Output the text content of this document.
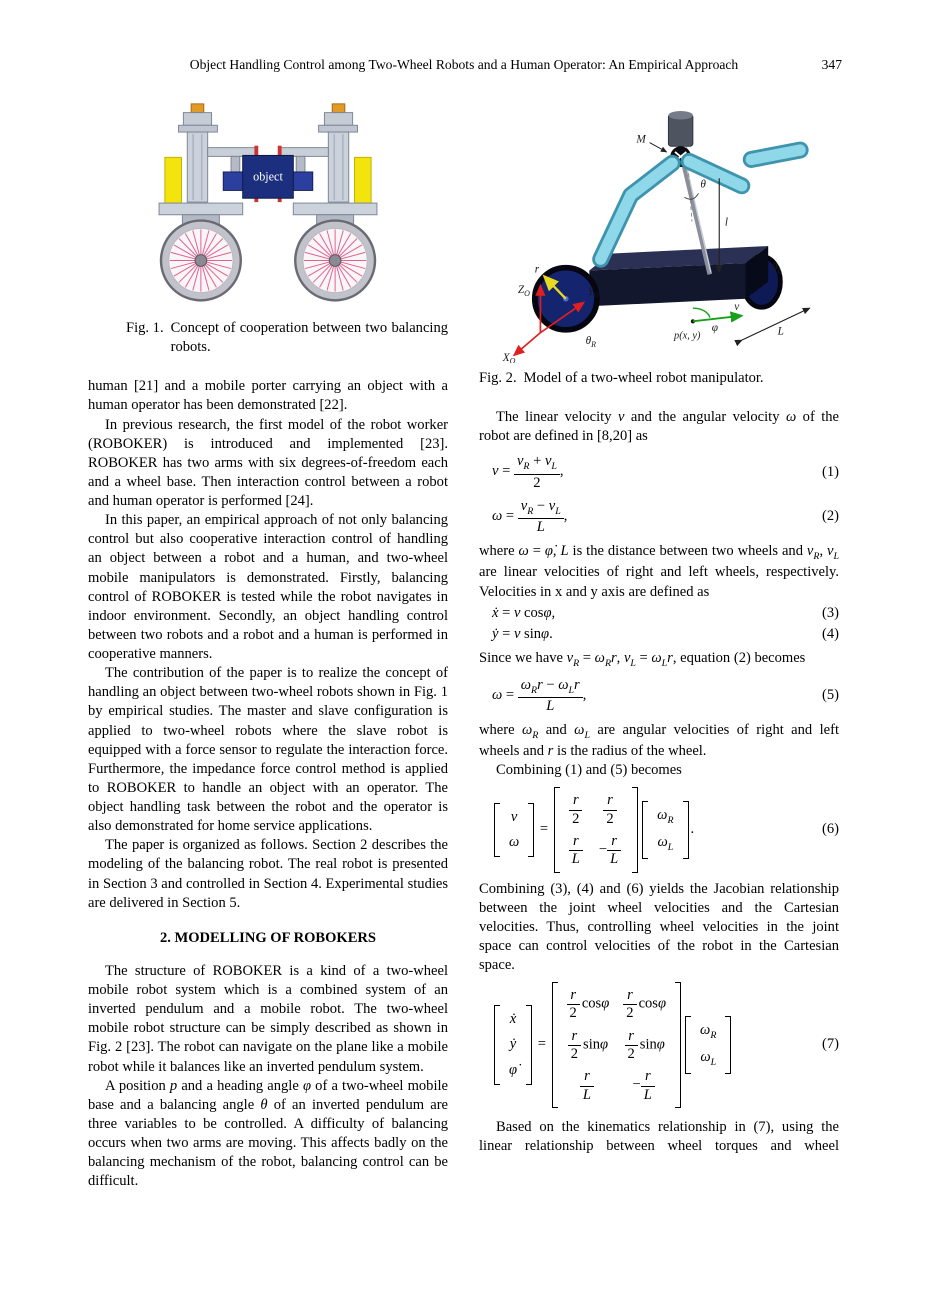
Object Handling Control among Two-Wheel Robots and a Human Operator: An Empirical Approach	347
object
Fig. 1. Concept of cooperation between two balancing robots.

human [21] and a mobile porter carrying an object with a human operator has been demonstrated [22].

In previous research, the first model of the robot worker (ROBOKER) is introduced and implemented [23]. ROBOKER has two arms with six degrees-of-freedom each and a wheel base. Then interaction control between a robot and human operator is performed [24].

In this paper, an empirical approach of not only balancing control but also cooperative interaction control of handling an object between a robot and a human, and two-wheel mobile manipulators is demonstrated. Firstly, balancing control of ROBOKER is tested while the robot navigates in indoor environment. Secondly, an object handling control between two robots and a robot and a human is performed in cooperative manners.

The contribution of the paper is to realize the concept of handling an object between two-wheel robots shown in Fig. 1 by empirical studies. The master and slave configuration is applied to two-wheel robots where the slave robot is equipped with a force sensor to regulate the interaction force. Furthermore, the impedance force control method is applied to ROBOKER to handle an object with an operator. The object handling task between the robot and the operator is also demonstrated for home service applications.

The paper is organized as follows. Section 2 describes the modeling of the balancing robot. The real robot is presented in Section 3 and controlled in Section 4. Experimental studies are delivered in Section 5.

2. MODELLING OF ROBOKERS

The structure of ROBOKER is a kind of a two-wheel mobile robot system which is a combined system of an inverted pendulum and a mobile robot. The two-wheel mobile robot structure can be simply described as shown in Fig. 2 [23]. The robot can navigate on the plane like a mobile robot while it balances like an inverted pendulum system.

A position p and a heading angle φ of a two-wheel mobile base and a balancing angle θ of an inverted pendulum are three variables to be controlled. A difficulty of balancing occurs when two arms are moving. This affects badly on the balancing mechanism of the robot, balancing control can be difficult.

M
θ
l
r
v
φ
p(x, y)	L
$Z_O$	$Y_0$
$X_O$
$\theta_R$
$\theta_L$
Fig. 2. Model of a two-wheel robot manipulator.

The linear velocity v and the angular velocity ω of the robot are defined in [8,20] as

$v = \frac{v_R + v_L}{2}$ ,	(1)
$\omega = \frac{v_R - v_L}{L}$ ,	(2)

where ω = φ̇, L is the distance between two wheels and $v_R$, $v_L$ are linear velocities of right and left wheels, respectively. Velocities in x and y axis are defined as

ẋ = v cosφ,	(3)
ẏ = v sinφ.	(4)

Since we have $v_R = \omega_Rr$, $v_L = \omega_Lr$, equation (2) becomes

$\omega = \frac{\omega_Rr - \omega_Lr}{L}$ ,	(5)

where $\omega_R$ and $\omega_L$ are angular velocities of right and left wheels and r is the radius of the wheel.

Combining (1) and (5) becomes

v
ω =
$\frac{r}{2}$	$\frac{r}{2}$

$\frac{r}{L}$	− $\frac{r}{L}$
$\omega_R$
$\omega_L$.	(6)

Combining (3), (4) and (6) yields the Jacobian relationship between the joint wheel velocities and the Cartesian velocities. Thus, controlling wheel velocities in the joint space can control velocities of the robot in the Cartesian space.

ẋ
ẏ
φ̇ =
$\frac{r}{2}$ cosφ	$\frac{r}{2}$ cosφ

$\frac{r}{2}$ sinφ	$\frac{r}{2}$ sinφ

$\frac{r}{L}$	− $\frac{r}{L}$
$\omega_R$
$\omega_L$
(7)

Based on the kinematics relationship in (7), using the linear relationship between wheel torques and wheel
